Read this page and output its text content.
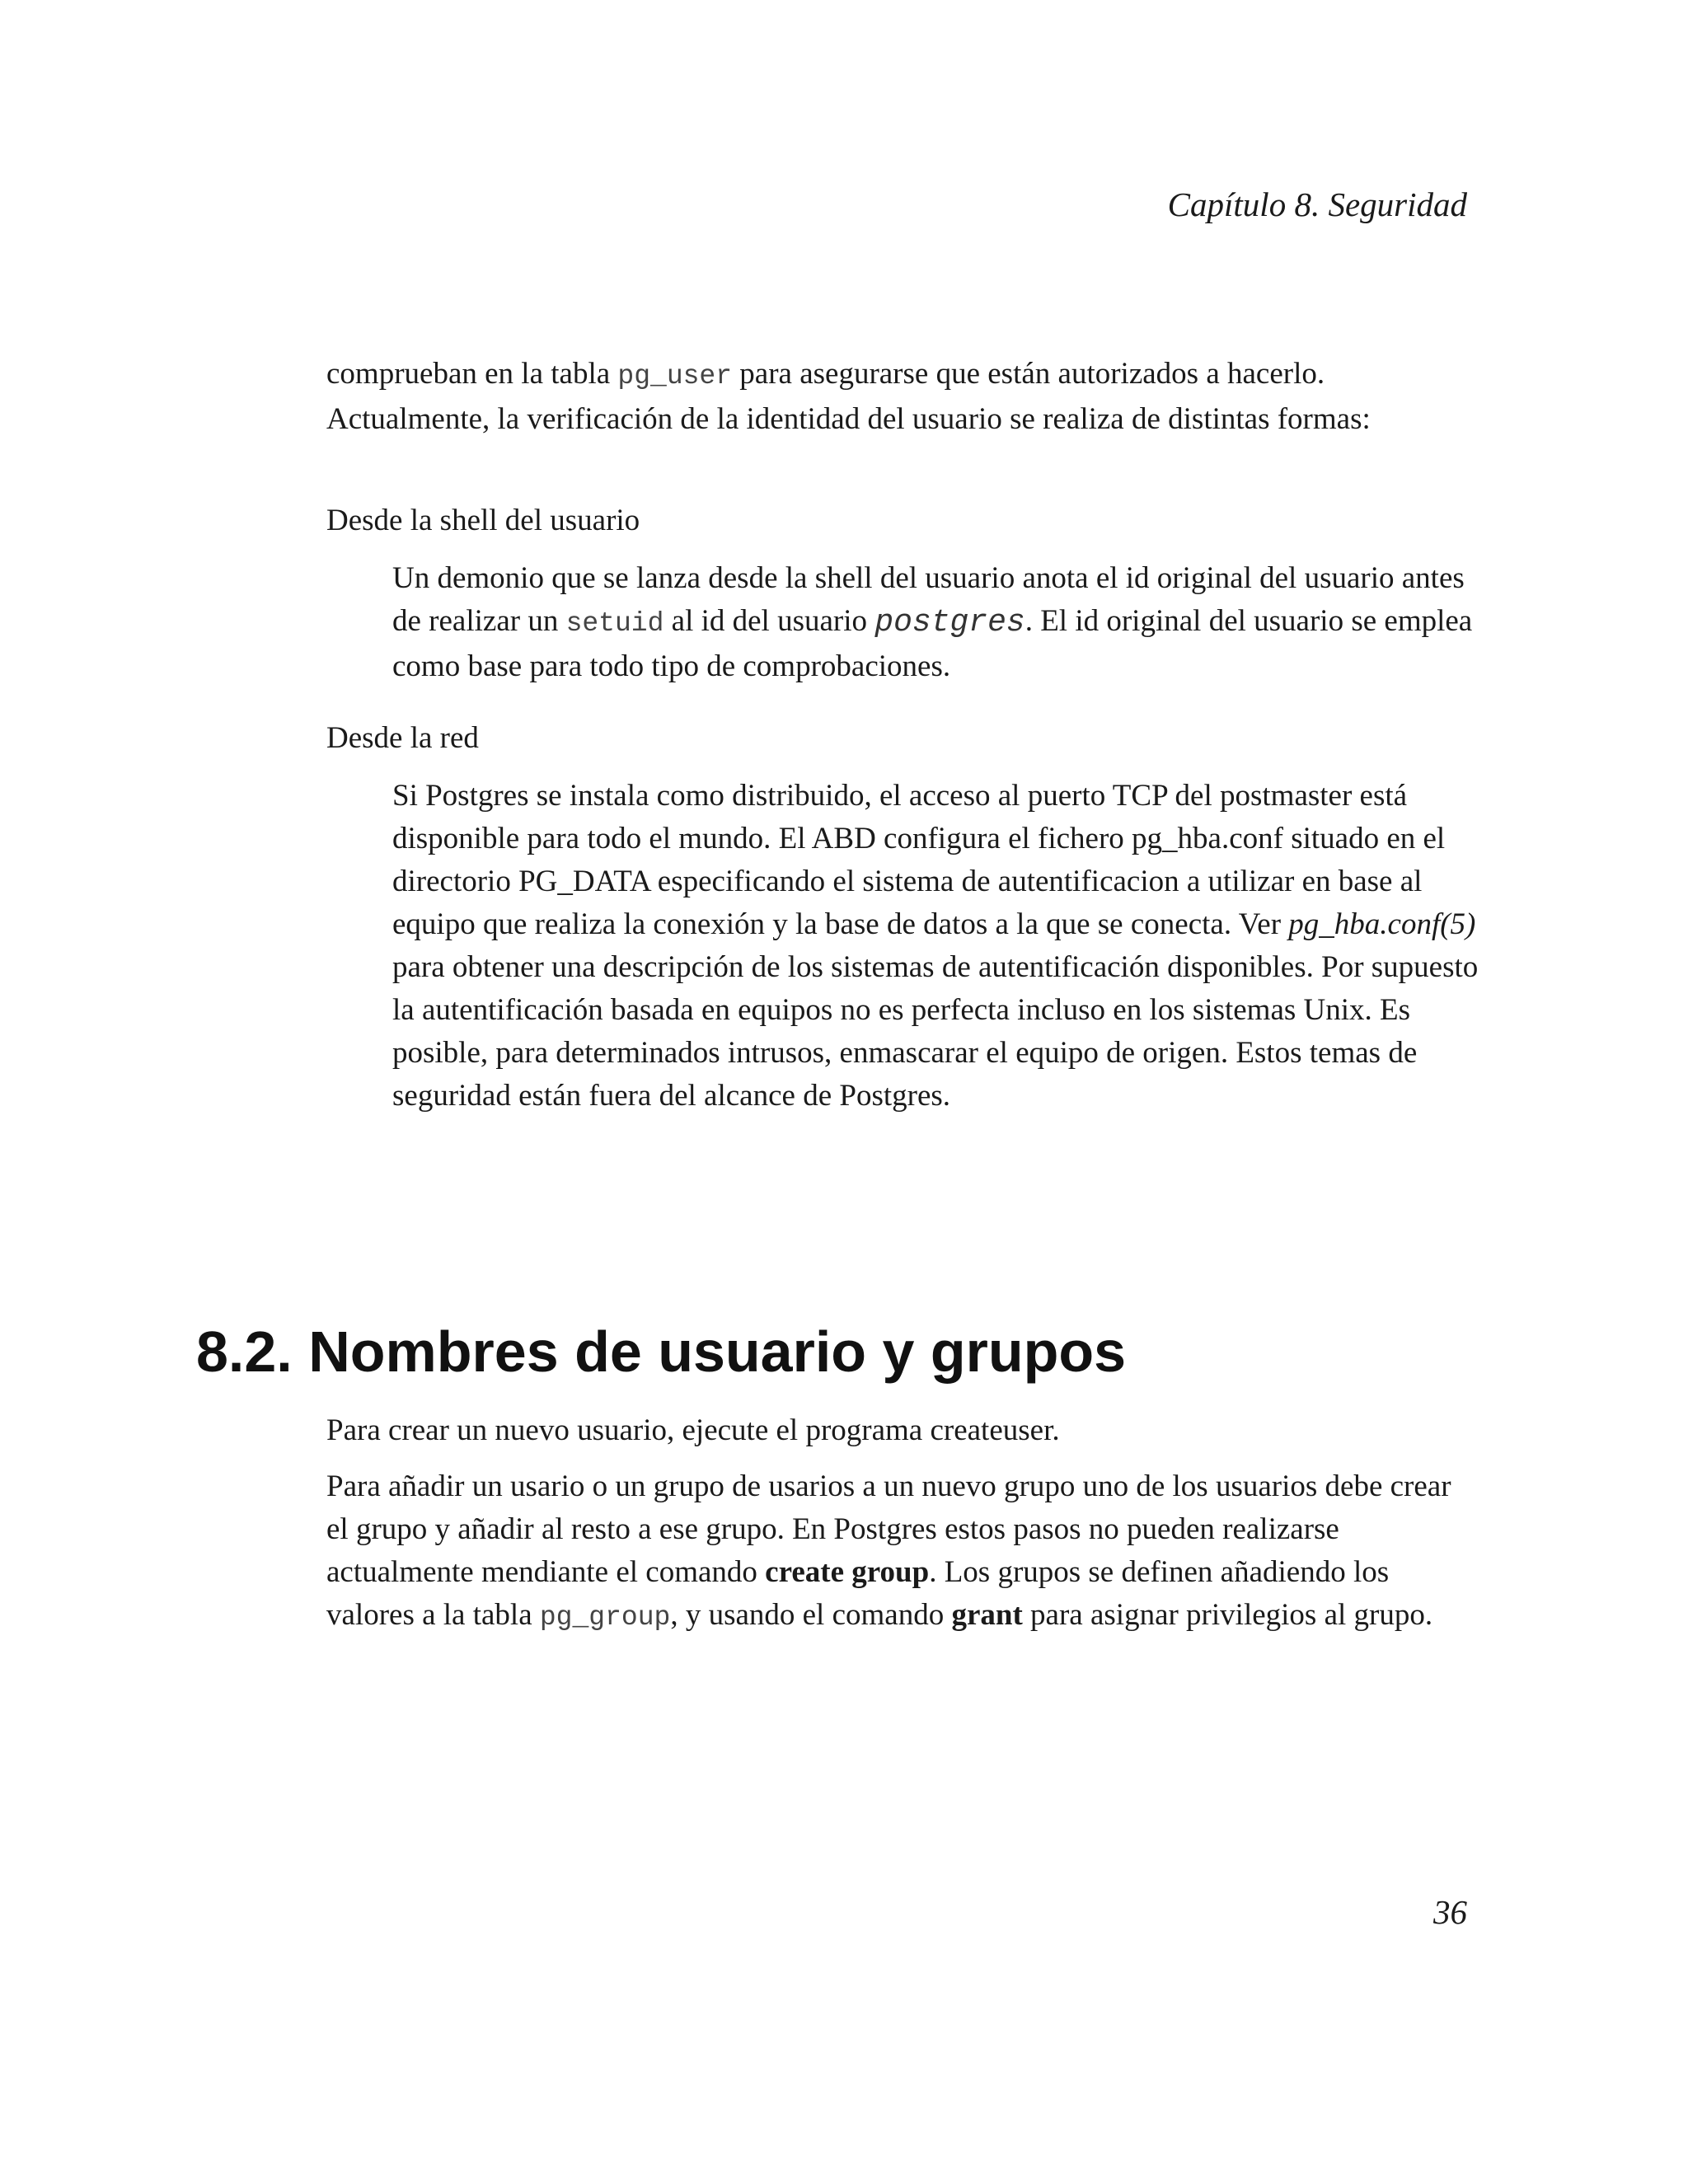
Capítulo 8. Seguridad

comprueban en la tabla pg_user para asegurarse que están autorizados a hacerlo. Actualmente, la verificación de la identidad del usuario se realiza de distintas formas:

Desde la shell del usuario

Un demonio que se lanza desde la shell del usuario anota el id original del usuario antes de realizar un setuid al id del usuario postgres. El id original del usuario se emplea como base para todo tipo de comprobaciones.

Desde la red

Si Postgres se instala como distribuido, el acceso al puerto TCP del postmaster está disponible para todo el mundo. El ABD configura el fichero pg_hba.conf situado en el directorio PG_DATA especificando el sistema de autentificacion a utilizar en base al equipo que realiza la conexión y la base de datos a la que se conecta. Ver pg_hba.conf(5) para obtener una descripción de los sistemas de autentificación disponibles. Por supuesto la autentificación basada en equipos no es perfecta incluso en los sistemas Unix. Es posible, para determinados intrusos, enmascarar el equipo de origen. Estos temas de seguridad están fuera del alcance de Postgres.

8.2. Nombres de usuario y grupos

Para crear un nuevo usuario, ejecute el programa createuser.

Para añadir un usario o un grupo de usarios a un nuevo grupo uno de los usuarios debe crear el grupo y añadir al resto a ese grupo. En Postgres estos pasos no pueden realizarse actualmente mendiante el comando create group. Los grupos se definen añadiendo los valores a la tabla pg_group, y usando el comando grant para asignar privilegios al grupo.

36
